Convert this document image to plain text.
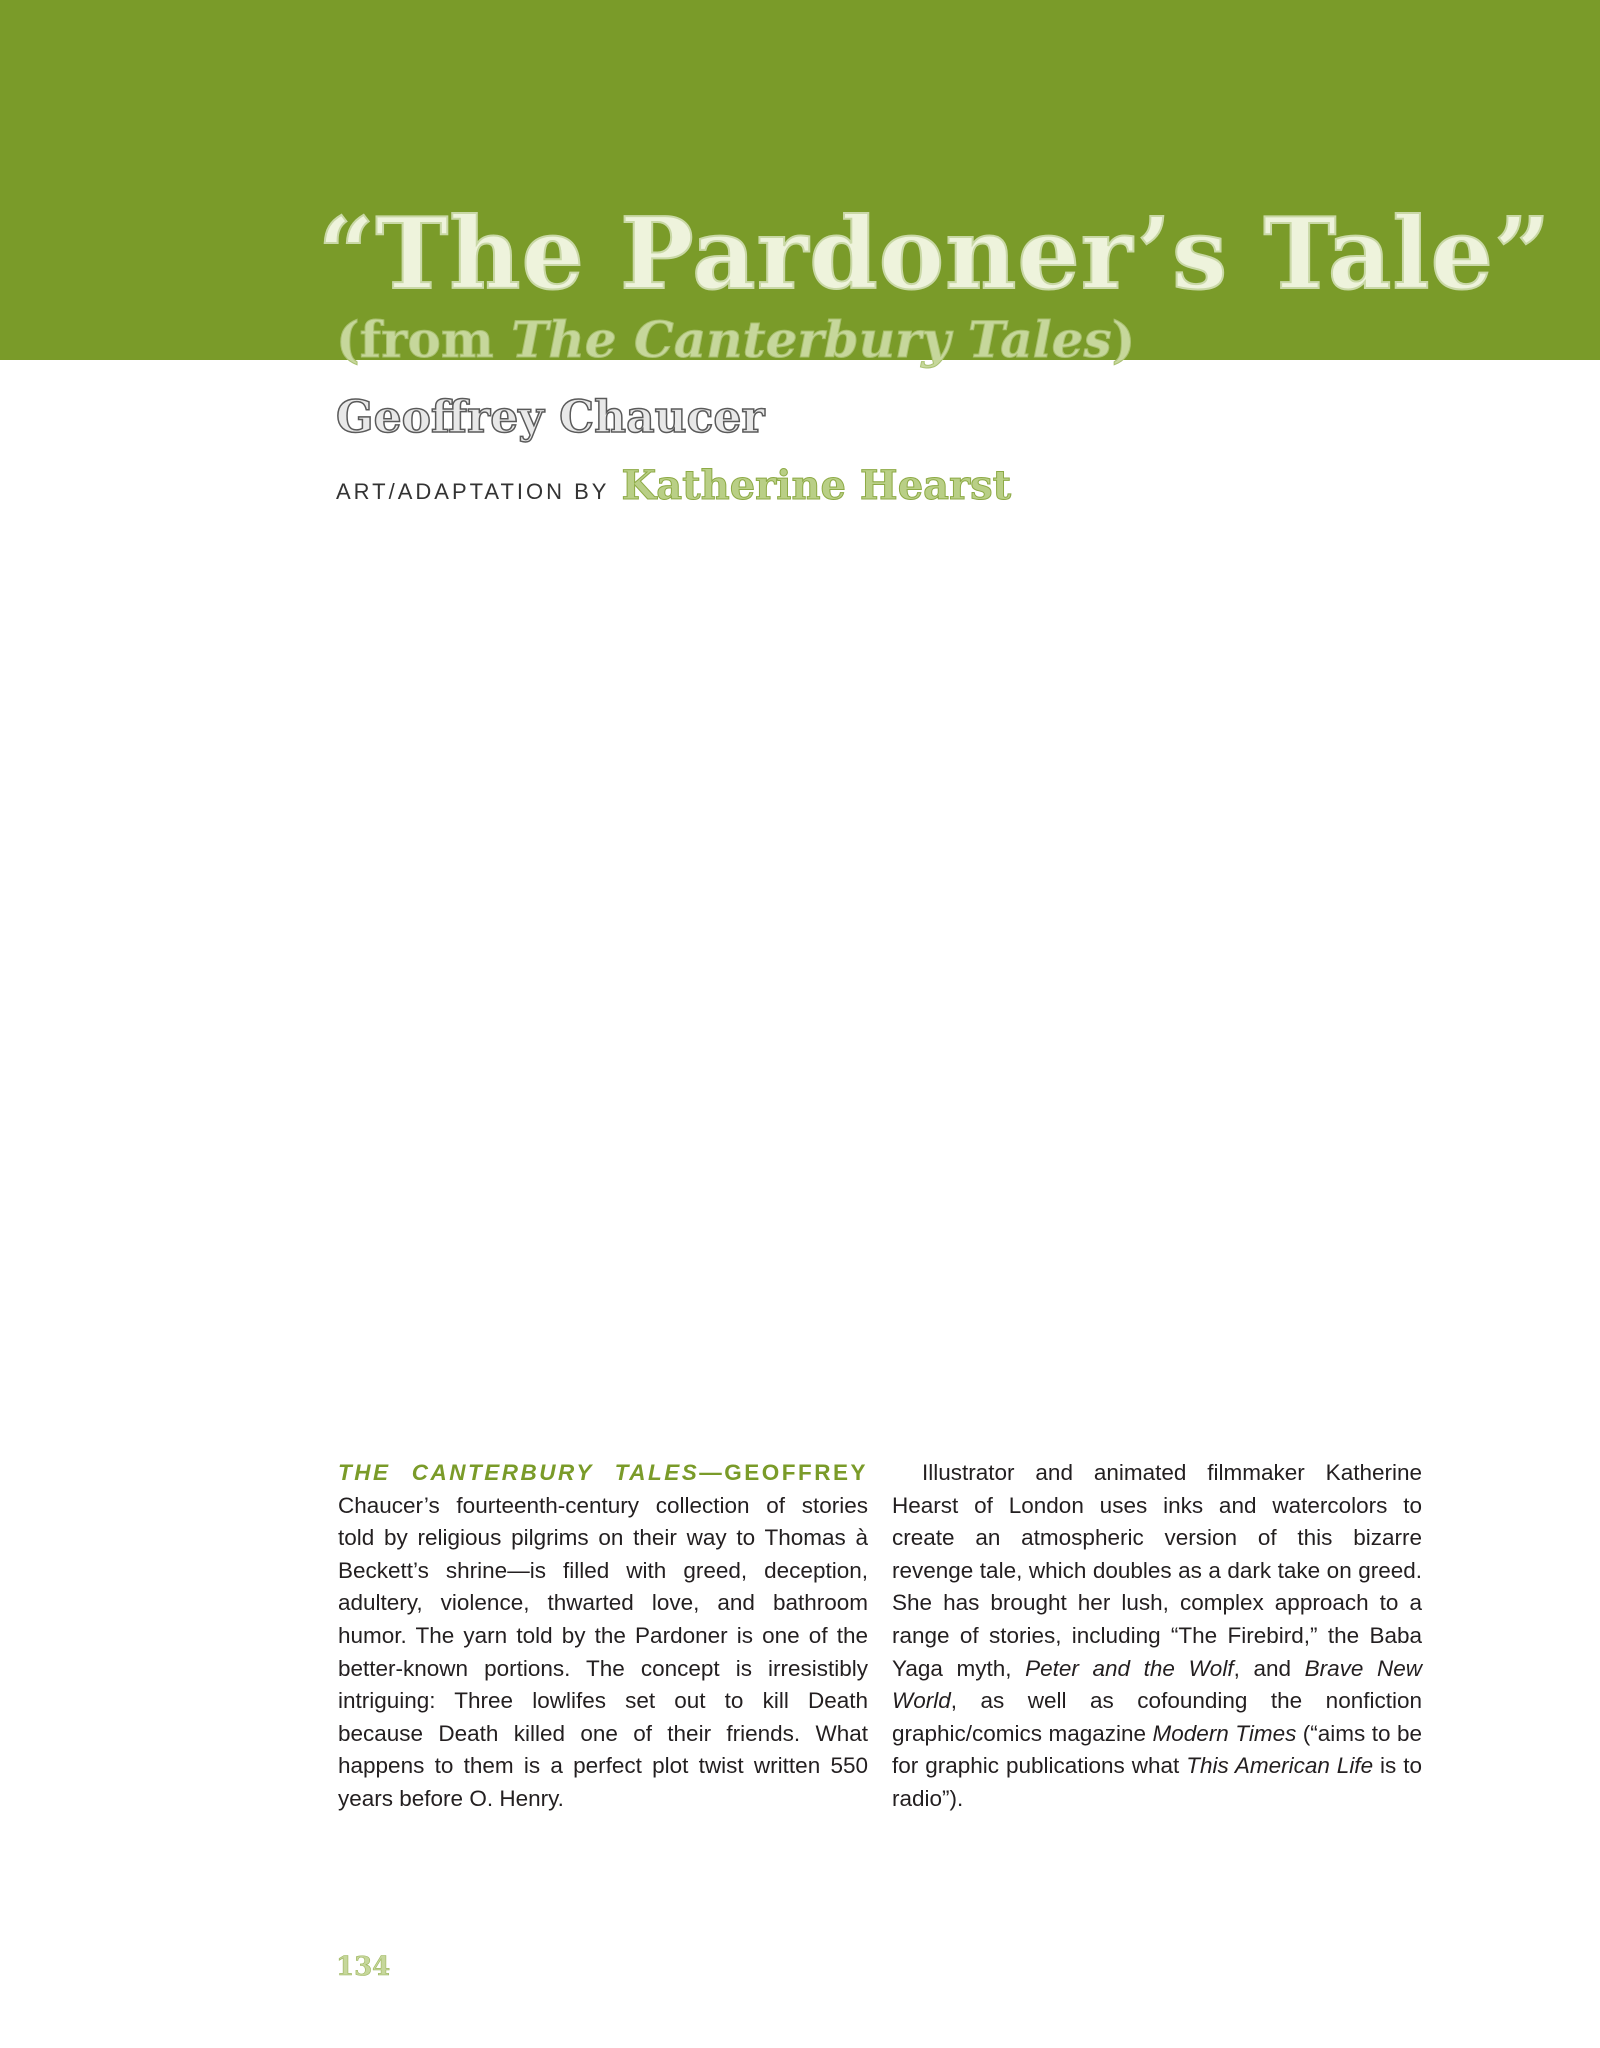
“The Pardoner’s Tale”
(from The Canterbury Tales)
Geoffrey Chaucer
ART/ADAPTATION BY Katherine Hearst

THE CANTERBURY TALES—GEOFFREY Chaucer’s fourteenth-century collection of stories told by religious pilgrims on their way to Thomas à Beckett’s shrine—is filled with greed, deception, adultery, violence, thwarted love, and bathroom humor. The yarn told by the Pardoner is one of the better-known portions. The concept is irresistibly intriguing: Three lowlifes set out to kill Death because Death killed one of their friends. What happens to them is a perfect plot twist written 550 years before O. Henry.

Illustrator and animated filmmaker Katherine Hearst of London uses inks and watercolors to create an atmospheric version of this bizarre revenge tale, which doubles as a dark take on greed. She has brought her lush, complex approach to a range of stories, including “The Firebird,” the Baba Yaga myth, Peter and the Wolf, and Brave New World, as well as cofounding the nonfiction graphic/comics magazine Modern Times (“aims to be for graphic publications what This American Life is to radio”).

134
